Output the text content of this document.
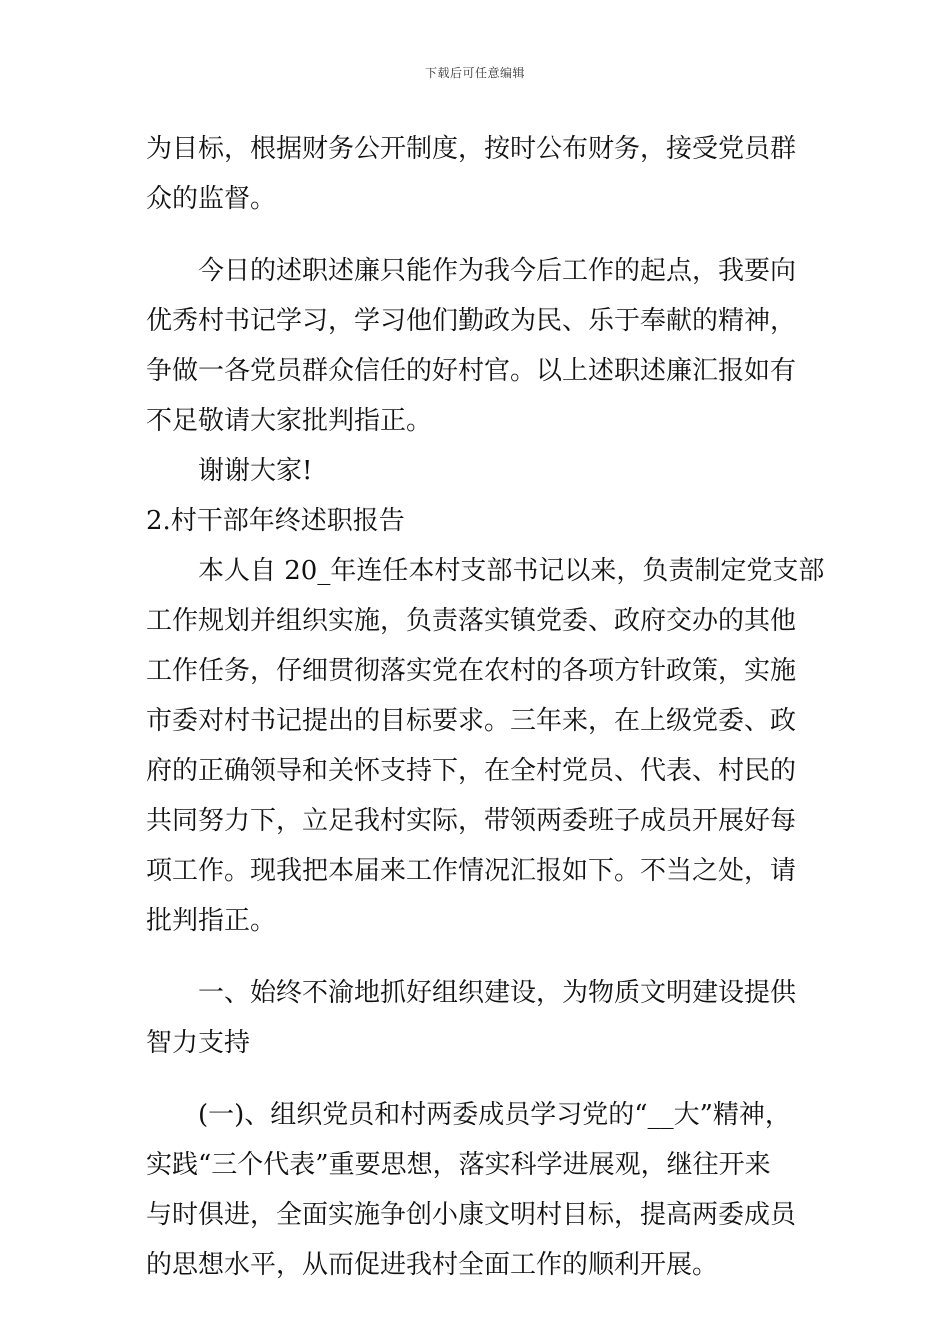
下载后可任意编辑
为目标，根据财务公开制度，按时公布财务，接受党员群
众的监督。
今日的述职述廉只能作为我今后工作的起点，我要向
优秀村书记学习，学习他们勤政为民、乐于奉献的精神，
争做一各党员群众信任的好村官。以上述职述廉汇报如有
不足敬请大家批判指正。
谢谢大家!
2.村干部年终述职报告
本人自 20_年连任本村支部书记以来，负责制定党支部
工作规划并组织实施，负责落实镇党委、政府交办的其他
工作任务，仔细贯彻落实党在农村的各项方针政策，实施
市委对村书记提出的目标要求。三年来，在上级党委、政
府的正确领导和关怀支持下，在全村党员、代表、村民的
共同努力下，立足我村实际，带领两委班子成员开展好每
项工作。现我把本届来工作情况汇报如下。不当之处，请
批判指正。
一、始终不渝地抓好组织建设，为物质文明建设提供
智力支持
(一)、组织党员和村两委成员学习党的“__大”精神，
实践“三个代表”重要思想，落实科学进展观，继往开来
与时俱进，全面实施争创小康文明村目标，提高两委成员
的思想水平，从而促进我村全面工作的顺利开展。
